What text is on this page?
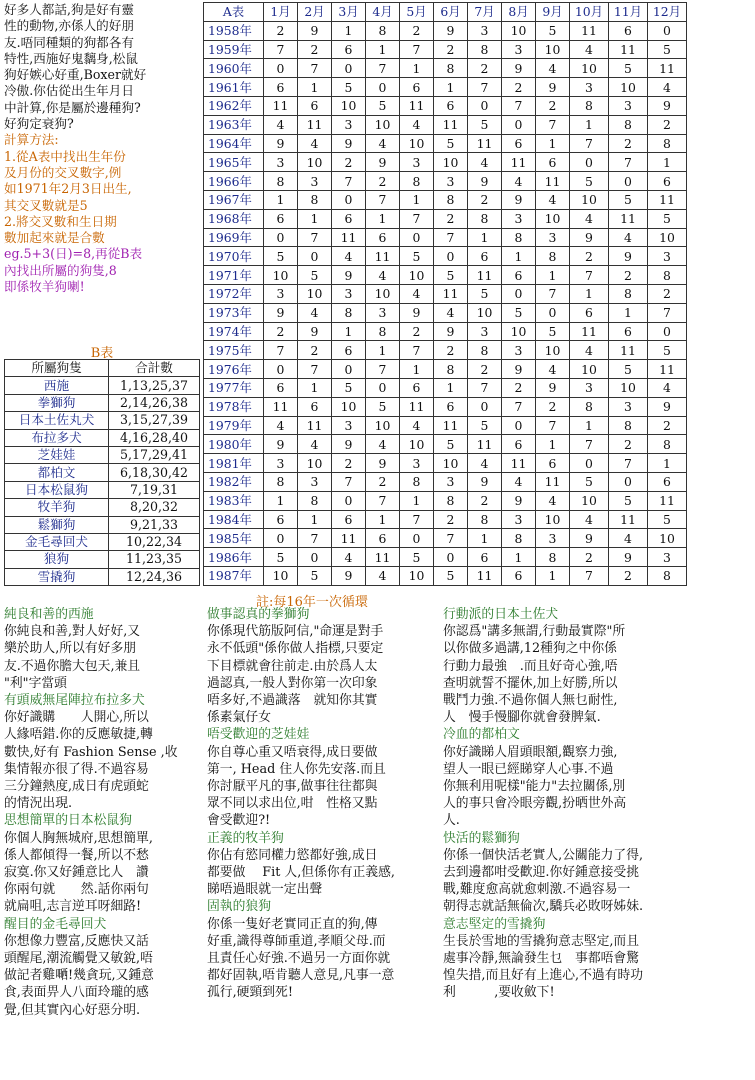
好多人都話,狗是好有靈
性的動物,亦係人的好朋
友.唔同種類的狗都各有
特性,西施好鬼黐身,松鼠
狗好嫉心好重,Boxer就好
冷傲.你估從出生年月日
中計算,你是屬於邊種狗?
好狗定衰狗?
計算方法:
1.從A表中找出生年份
及月份的交叉數字,例
如1971年2月3日出生,
其交叉數就是5
2.將交叉數和生日期
數加起來就是合數
eg.5+3(日)=8,再從B表
內找出所屬的狗隻,8
即係牧羊狗喇!
B表
所屬狗隻	合計數
西施	1,13,25,37
拳獅狗	2,14,26,38
日本土佐丸犬	3,15,27,39
布拉多犬	4,16,28,40
芝娃娃	5,17,29,41
都柏文	6,18,30,42
日本松鼠狗	7,19,31
牧羊狗	8,20,32
鬆獅狗	9,21,33
金毛尋回犬	10,22,34
狼狗	11,23,35
雪撬狗	12,24,36
A表	1月	2月	3月	4月	5月	6月	7月	8月	9月	10月	11月	12月
1958年	2	9	1	8	2	9	3	10	5	11	6	0
1959年	7	2	6	1	7	2	8	3	10	4	11	5
1960年	0	7	0	7	1	8	2	9	4	10	5	11
1961年	6	1	5	0	6	1	7	2	9	3	10	4
1962年	11	6	10	5	11	6	0	7	2	8	3	9
1963年	4	11	3	10	4	11	5	0	7	1	8	2
1964年	9	4	9	4	10	5	11	6	1	7	2	8
1965年	3	10	2	9	3	10	4	11	6	0	7	1
1966年	8	3	7	2	8	3	9	4	11	5	0	6
1967年	1	8	0	7	1	8	2	9	4	10	5	11
1968年	6	1	6	1	7	2	8	3	10	4	11	5
1969年	0	7	11	6	0	7	1	8	3	9	4	10
1970年	5	0	4	11	5	0	6	1	8	2	9	3
1971年	10	5	9	4	10	5	11	6	1	7	2	8
1972年	3	10	3	10	4	11	5	0	7	1	8	2
1973年	9	4	8	3	9	4	10	5	0	6	1	7
1974年	2	9	1	8	2	9	3	10	5	11	6	0
1975年	7	2	6	1	7	2	8	3	10	4	11	5
1976年	0	7	0	7	1	8	2	9	4	10	5	11
1977年	6	1	5	0	6	1	7	2	9	3	10	4
1978年	11	6	10	5	11	6	0	7	2	8	3	9
1979年	4	11	3	10	4	11	5	0	7	1	8	2
1980年	9	4	9	4	10	5	11	6	1	7	2	8
1981年	3	10	2	9	3	10	4	11	6	0	7	1
1982年	8	3	7	2	8	3	9	4	11	5	0	6
1983年	1	8	0	7	1	8	2	9	4	10	5	11
1984年	6	1	6	1	7	2	8	3	10	4	11	5
1985年	0	7	11	6	0	7	1	8	3	9	4	10
1986年	5	0	4	11	5	0	6	1	8	2	9	3
1987年	10	5	9	4	10	5	11	6	1	7	2	8
註:每16年一次循環
純良和善的西施
你純良和善,對人好好,又
樂於助人,所以有好多朋
友.不過你膽大包天,兼且
"利"字當頭
有頭威無尾陣拉布拉多犬
你好識購　　人開心,所以
人緣唔錯.你的反應敏捷,轉
數快,好有 Fashion Sense ,收
集情報亦很了得.不過容易
三分鐘熱度,成日有虎頭蛇
的情況出現.
思想簡單的日本松鼠狗
你個人胸無城府,思想簡單,
係人都傾得一餐,所以不愁
寂寞.你又好鍾意比人　讚
你兩句就　　然.話你兩句
就扁咀,志言逆耳呀細路!
醒目的金毛尋回犬
你想像力豐富,反應快又話
頭醒尾,潮流觸覺又敏銳,唔
做記者雞嗮!幾貪玩,又鍾意
食,表面畀人八面玲瓏的感
覺,但其實內心好惡分明.
做事認真的拳獅狗
你係現代筋版阿信,"命運是對手
永不低頭"係你做人指標,只要定
下目標就會往前走.由於爲人太
過認真,一般人對你第一次印象
唔多好,不過識落　就知你其實
係素氣仔女
唔受歡迎的芝娃娃
你自尊心重又唔衰得,成日要做
第一, Head 住人你先安落.而且
你討厭平凡的事,做事往往都與
眾不同以求出位,咁　性格又點
會受歡迎?!
正義的牧羊狗
你佔有慾同權力慾都好強,成日
都要做　 Fit 人,但係你有正義感,
睇唔過眼就一定出聲
固執的狼狗
你係一隻好老實同正直的狗,傳
好重,識得尊師重道,孝順父母.而
且責任心好強.不過另一方面你就
都好固執,唔肯聽人意見,凡事一意
孤行,硬頸到死!
行動派的日本土佐犬
你認爲"講多無謂,行動最實際"所
以你做多過講,12種狗之中你係
行動力最強　.而且好奇心強,唔
查明就誓不擺休,加上好勝,所以
戰鬥力強.不過你個人無乜耐性,
人　慢手慢腳你就會發脾氣.
冷血的都柏文
你好識睇人眉頭眼額,觀察力強,
望人一眼已經睇穿人心事.不過
你無利用呢樣"能力"去拉關係,別
人的事只會冷眼旁觀,扮晒世外高
人.
快活的鬆獅狗
你係一個快活老實人,公關能力了得,
去到邊都咁受歡迎.你好鍾意接受挑
戰,難度愈高就愈刺激.不過容易一
朝得志就話無倫次,驕兵必敗呀姊妹.
意志堅定的雪撬狗
生長於雪地的雪撬狗意志堅定,而且
處事冷靜,無論發生乜　事都唔會驚
惶失措,而且好有上進心,不過有時功
利　　　,要收斂下!
